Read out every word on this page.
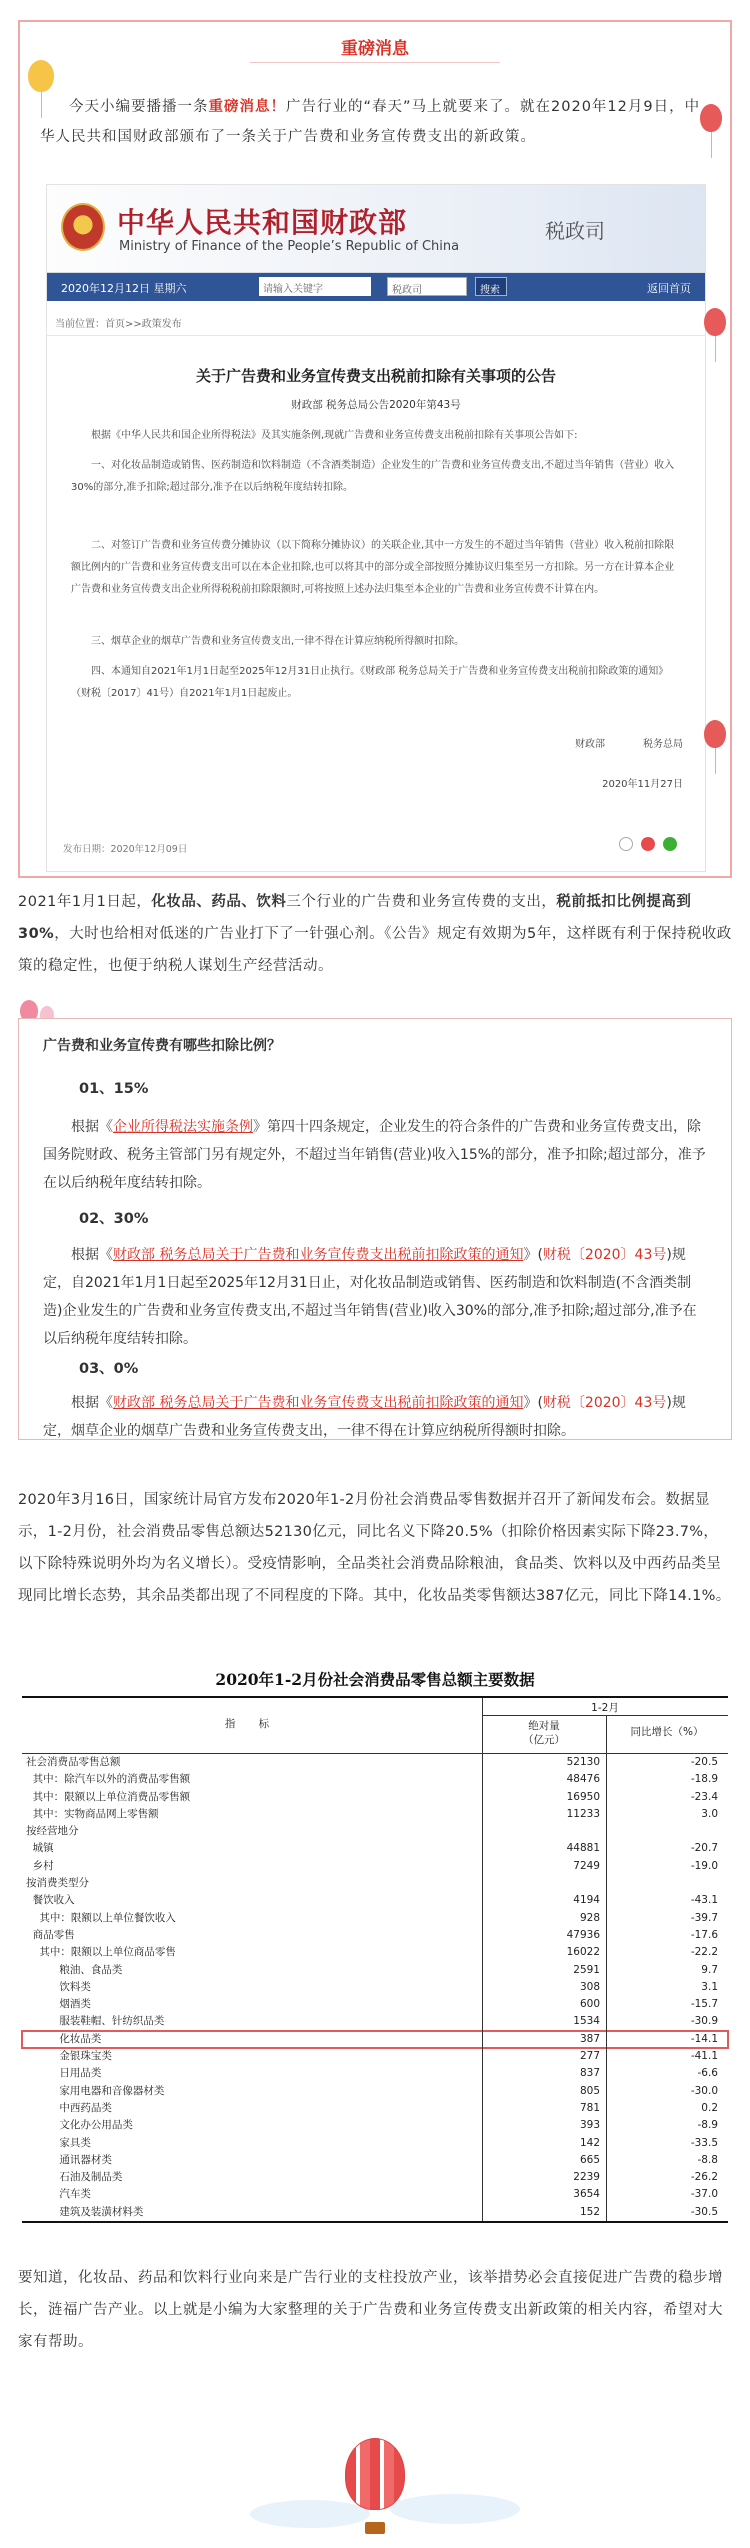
重磅消息
今天小编要播播一条重磅消息！广告行业的“春天”马上就要来了。就在2020年12月9日，中华人民共和国财政部颁布了一条关于广告费和业务宣传费支出的新政策。
中华人民共和国财政部
Ministry of Finance of the People’s Republic of China
税政司
2020年12月12日 星期六	请输入关键字	税政司	搜索	返回首页
当前位置：首页>>政策发布
关于广告费和业务宣传费支出税前扣除有关事项的公告
财政部 税务总局公告2020年第43号
根据《中华人民共和国企业所得税法》及其实施条例,现就广告费和业务宣传费支出税前扣除有关事项公告如下:
一、对化妆品制造或销售、医药制造和饮料制造（不含酒类制造）企业发生的广告费和业务宣传费支出,不超过当年销售（营业）收入30%的部分,准予扣除;超过部分,准予在以后纳税年度结转扣除。
二、对签订广告费和业务宣传费分摊协议（以下简称分摊协议）的关联企业,其中一方发生的不超过当年销售（营业）收入税前扣除限额比例内的广告费和业务宣传费支出可以在本企业扣除,也可以将其中的部分或全部按照分摊协议归集至另一方扣除。另一方在计算本企业广告费和业务宣传费支出企业所得税税前扣除限额时,可将按照上述办法归集至本企业的广告费和业务宣传费不计算在内。
三、烟草企业的烟草广告费和业务宣传费支出,一律不得在计算应纳税所得额时扣除。
四、本通知自2021年1月1日起至2025年12月31日止执行。《财政部 税务总局关于广告费和业务宣传费支出税前扣除政策的通知》（财税〔2017〕41号）自2021年1月1日起废止。
财政部	税务总局
2020年11月27日
发布日期：2020年12月09日
2021年1月1日起，化妆品、药品、饮料三个行业的广告费和业务宣传费的支出，税前抵扣比例提高到30%，大时也给相对低迷的广告业打下了一针强心剂。《公告》规定有效期为5年，这样既有利于保持税收政策的稳定性，也便于纳税人谋划生产经营活动。
广告费和业务宣传费有哪些扣除比例？
01、15%
根据《企业所得税法实施条例》第四十四条规定，企业发生的符合条件的广告费和业务宣传费支出，除国务院财政、税务主管部门另有规定外，不超过当年销售(营业)收入15%的部分，准予扣除;超过部分，准予在以后纳税年度结转扣除。
02、30%
根据《财政部 税务总局关于广告费和业务宣传费支出税前扣除政策的通知》(财税〔2020〕43号)规定，自2021年1月1日起至2025年12月31日止，对化妆品制造或销售、医药制造和饮料制造(不含酒类制造)企业发生的广告费和业务宣传费支出,不超过当年销售(营业)收入30%的部分,准予扣除;超过部分,准予在以后纳税年度结转扣除。
03、0%
根据《财政部 税务总局关于广告费和业务宣传费支出税前扣除政策的通知》(财税〔2020〕43号)规定，烟草企业的烟草广告费和业务宣传费支出，一律不得在计算应纳税所得额时扣除。
2020年3月16日，国家统计局官方发布2020年1-2月份社会消费品零售数据并召开了新闻发布会。数据显示，1-2月份，社会消费品零售总额达52130亿元，同比名义下降20.5%（扣除价格因素实际下降23.7%，以下除特殊说明外均为名义增长）。受疫情影响，全品类社会消费品除粮油，食品类、饮料以及中西药品类呈现同比增长态势，其余品类都出现了不同程度的下降。其中，化妆品类零售额达387亿元，同比下降14.1%。
2020年1-2月份社会消费品零售总额主要数据
指 标
1-2月
绝对量
（亿元）
同比增长（%）
社会消费品零售总额	52130	-20.5
其中：除汽车以外的消费品零售额	48476	-18.9
其中：限额以上单位消费品零售额	16950	-23.4
其中：实物商品网上零售额	11233	3.0
按经营地分
城镇	44881	-20.7
乡村	7249	-19.0
按消费类型分
餐饮收入	4194	-43.1
其中：限额以上单位餐饮收入	928	-39.7
商品零售	47936	-17.6
其中：限额以上单位商品零售	16022	-22.2
粮油、食品类	2591	9.7
饮料类	308	3.1
烟酒类	600	-15.7
服装鞋帽、针纺织品类	1534	-30.9
化妆品类	387	-14.1
金银珠宝类	277	-41.1
日用品类	837	-6.6
家用电器和音像器材类	805	-30.0
中西药品类	781	0.2
文化办公用品类	393	-8.9
家具类	142	-33.5
通讯器材类	665	-8.8
石油及制品类	2239	-26.2
汽车类	3654	-37.0
建筑及装潢材料类	152	-30.5
要知道，化妆品、药品和饮料行业向来是广告行业的支柱投放产业，该举措势必会直接促进广告费的稳步增长，涟福广告产业。以上就是小编为大家整理的关于广告费和业务宣传费支出新政策的相关内容，希望对大家有帮助。
